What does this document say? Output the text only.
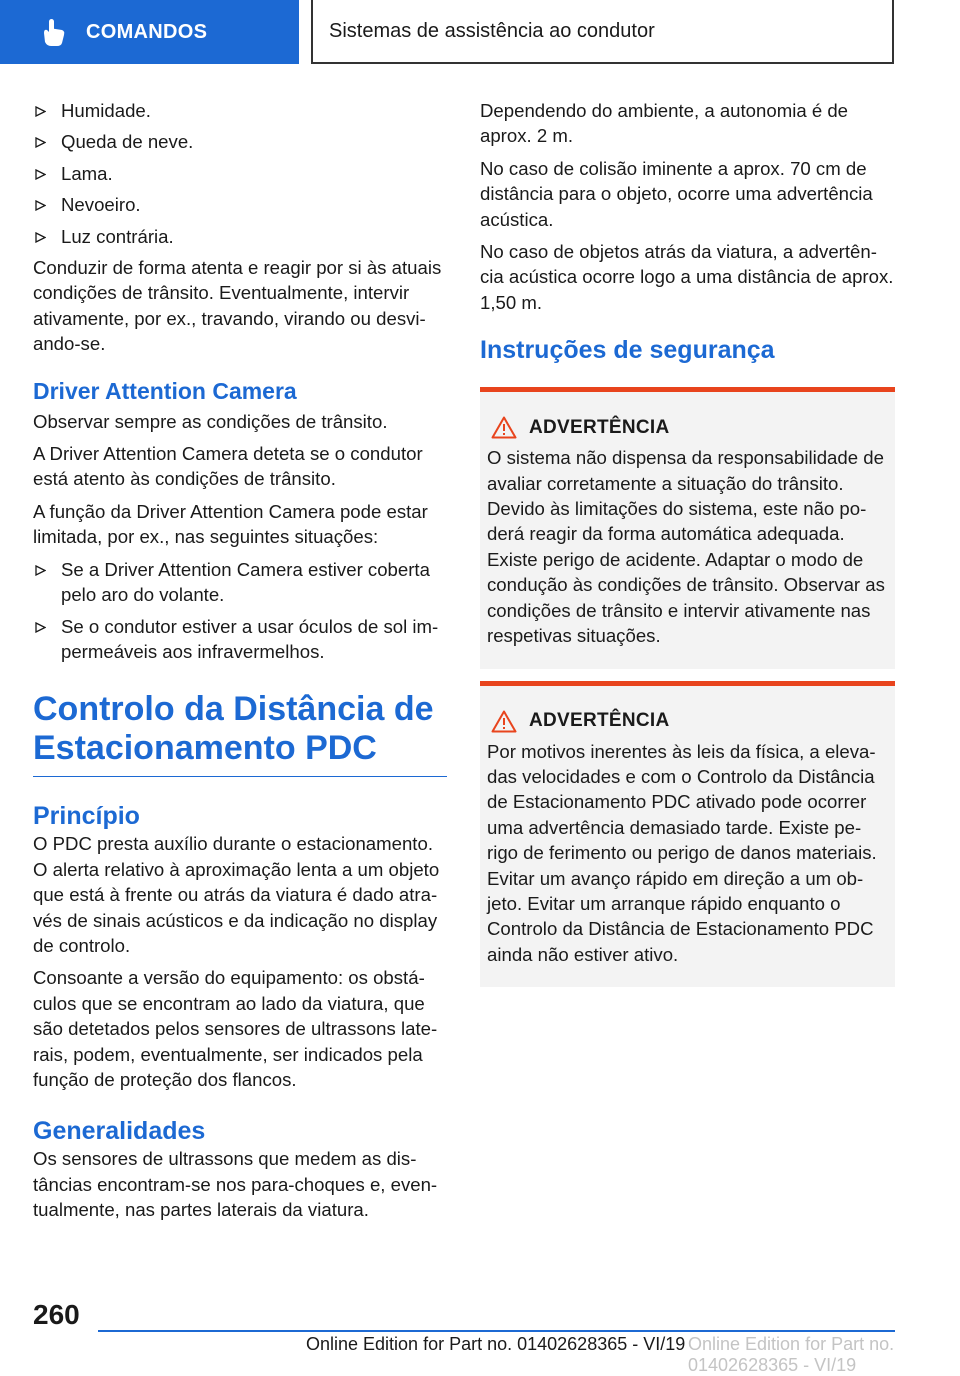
COMANDOS	Sistemas de assistência ao condutor
Humidade.
Queda de neve.
Lama.
Nevoeiro.
Luz contrária.

Conduzir de forma atenta e reagir por si às atuais condições de trânsito. Eventualmente, intervir ativamente, por ex., travando, virando ou desvi-ando-se.

Driver Attention Camera

Observar sempre as condições de trânsito.

A Driver Attention Camera deteta se o condutor está atento às condições de trânsito.

A função da Driver Attention Camera pode estar limitada, por ex., nas seguintes situações:

Se a Driver Attention Camera estiver coberta pelo aro do volante.
Se o condutor estiver a usar óculos de sol im-permeáveis aos infravermelhos.
Controlo da Distância de Estacionamento PDC
Princípio

O PDC presta auxílio durante o estacionamento. O alerta relativo à aproximação lenta a um objeto que está à frente ou atrás da viatura é dado atra-vés de sinais acústicos e da indicação no display de controlo.

Consoante a versão do equipamento: os obstá-culos que se encontram ao lado da viatura, que são detetados pelos sensores de ultrassons late-rais, podem, eventualmente, ser indicados pela função de proteção dos flancos.

Generalidades

Os sensores de ultrassons que medem as dis-tâncias encontram-se nos para-choques e, even-tualmente, nas partes laterais da viatura.

Dependendo do ambiente, a autonomia é de aprox. 2 m.

No caso de colisão iminente a aprox. 70 cm de distância para o objeto, ocorre uma advertência acústica.

No caso de objetos atrás da viatura, a advertên-cia acústica ocorre logo a uma distância de aprox. 1,50 m.

Instruções de segurança
ADVERTÊNCIA

O sistema não dispensa da responsabilidade de avaliar corretamente a situação do trânsito. Devido às limitações do sistema, este não po-derá reagir da forma automática adequada. Existe perigo de acidente. Adaptar o modo de condução às condições de trânsito. Observar as condições de trânsito e intervir ativamente nas respetivas situações.

ADVERTÊNCIA

Por motivos inerentes às leis da física, a eleva-das velocidades e com o Controlo da Distância de Estacionamento PDC ativado pode ocorrer uma advertência demasiado tarde. Existe pe-rigo de ferimento ou perigo de danos materiais. Evitar um avanço rápido em direção a um ob-jeto. Evitar um arranque rápido enquanto o Controlo da Distância de Estacionamento PDC ainda não estiver ativo.

260
Online Edition for Part no. 01402628365 - VI/19 Online Edition for Part no. 01402628365 - VI/19
